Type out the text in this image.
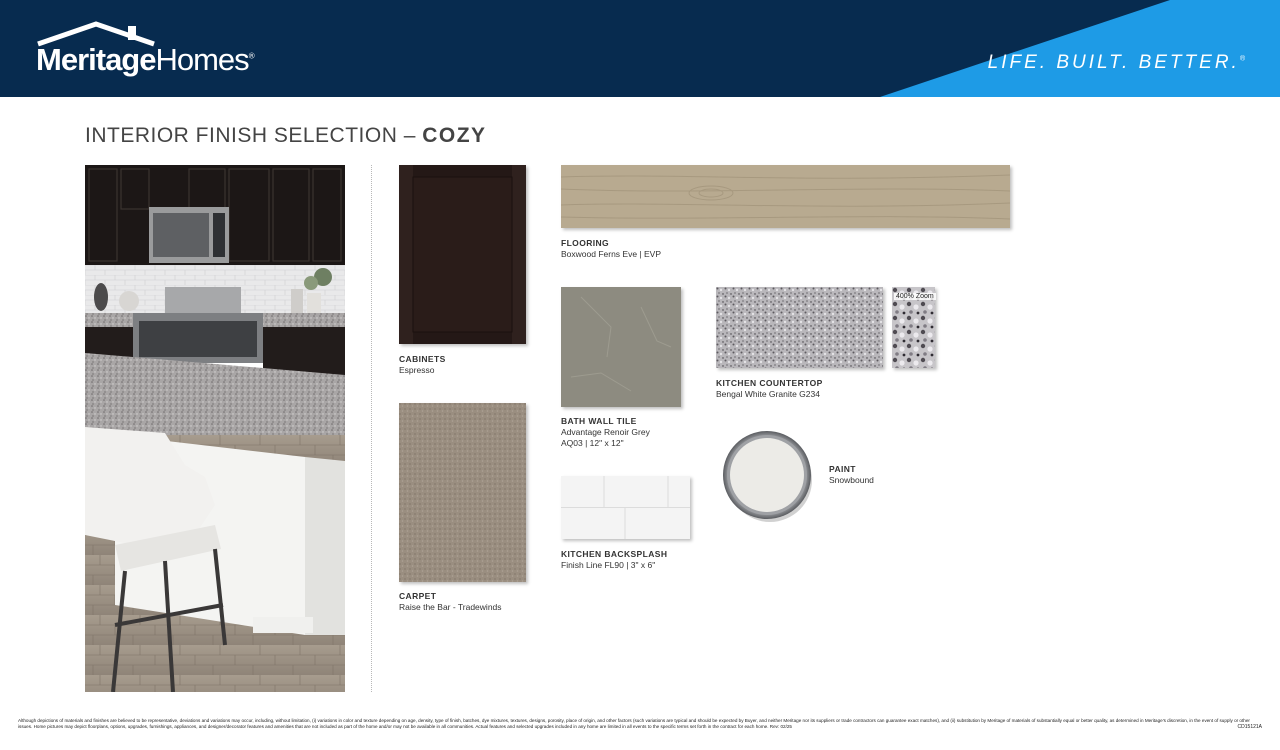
MeritageHomes®	LIFE. BUILT. BETTER.®
INTERIOR FINISH SELECTION – COZY
CABINETS
Espresso
CARPET
Raise the Bar - Tradewinds
FLOORING
Boxwood Ferns Eve | EVP
BATH WALL TILE
Advantage Renoir Grey
AQ03 | 12" x 12"
KITCHEN BACKSPLASH
Finish Line FL90 | 3" x 6"
400% Zoom
KITCHEN COUNTERTOP
Bengal White Granite G234
PAINT
Snowbound
Although depictions of materials and finishes are believed to be representative, deviations and variations may occur, including, without limitation, (i) variations in color and texture depending on age, density, type of finish, batches, dye mixtures, textures, designs, porosity, place of origin, and other factors (such variations are typical and should be expected by Buyer, and neither Meritage nor its suppliers or trade contractors can guarantee exact matches), and (ii) substitution by Meritage of materials of substantially equal or better quality, as determined in Meritage's discretion, in the event of supply or other issues. Home pictures may depict floorplans, options, upgrades, furnishings, appliances, and designer/decorator features and amenities that are not included as part of the home and/or may not be available in all communities. Actual features and selected upgrades included in any home are limited in all events to the specific terms set forth in the contract for each home. Rev: 02/25	CD15121A
